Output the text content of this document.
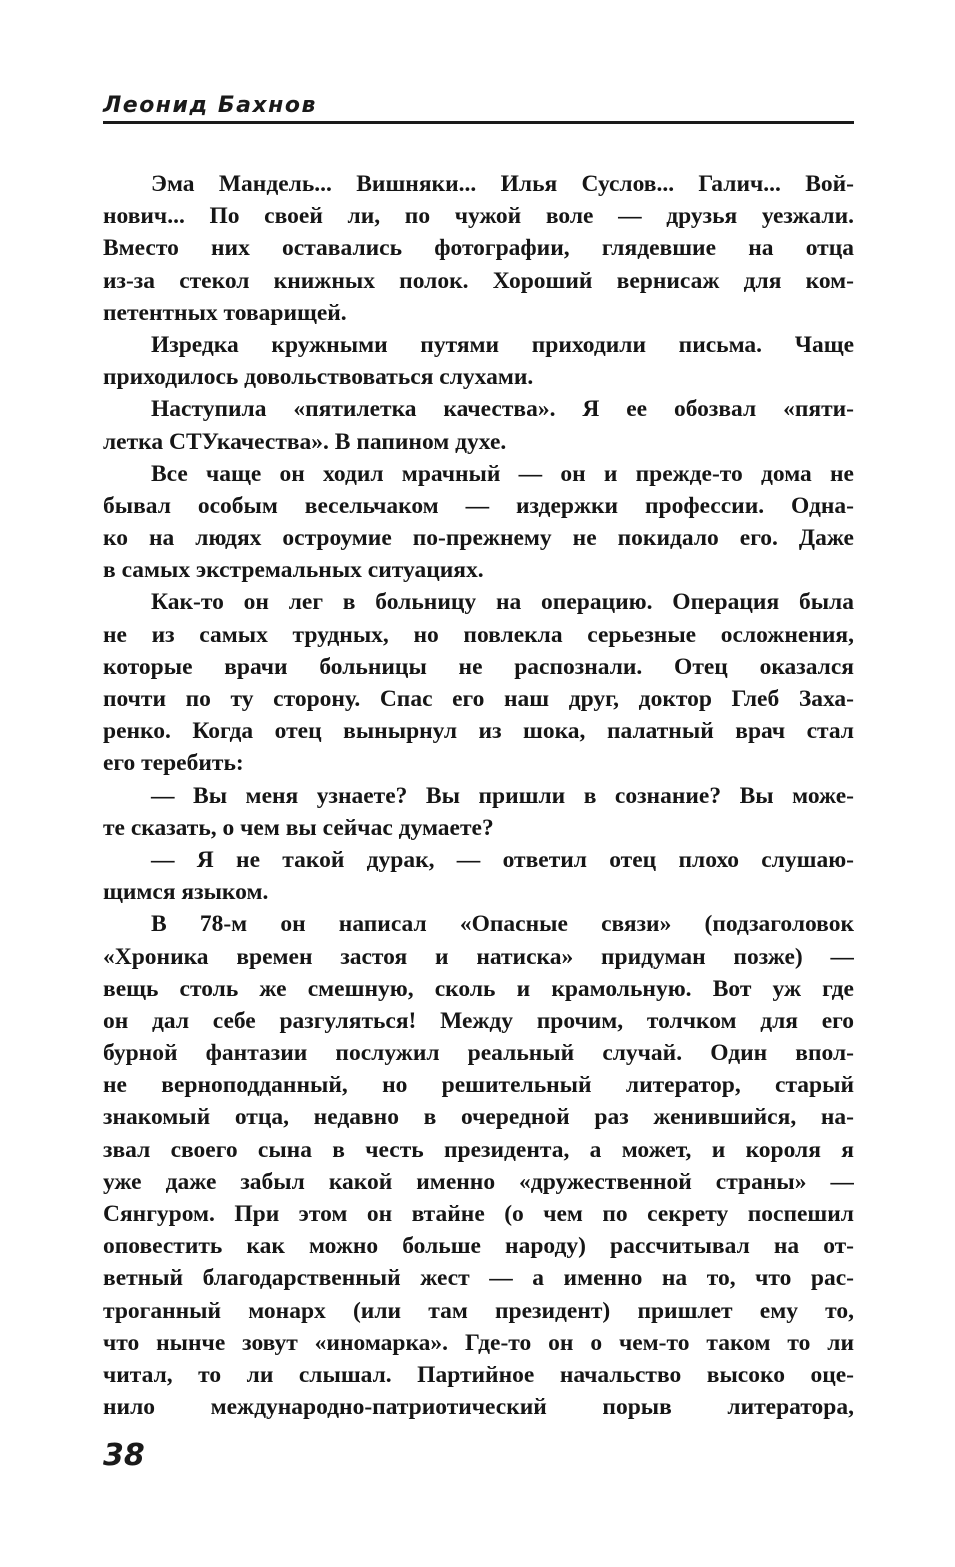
Леонид Бахнов
Эма Мандель... Вишняки... Илья Суслов... Галич... Вой-
нович... По своей ли, по чужой воле — друзья уезжали.
Вместо них оставались фотографии, глядевшие на отца
из-за стекол книжных полок. Хороший вернисаж для ком-
петентных товарищей.
Изредка кружными путями приходили письма. Чаще
приходилось довольствоваться слухами.
Наступила «пятилетка качества». Я ее обозвал «пяти-
летка СТУкачества». В папином духе.
Все чаще он ходил мрачный — он и прежде-то дома не
бывал особым весельчаком — издержки профессии. Одна-
ко на людях остроумие по-прежнему не покидало его. Даже
в самых экстремальных ситуациях.
Как-то он лег в больницу на операцию. Операция была
не из самых трудных, но повлекла серьезные осложнения,
которые врачи больницы не распознали. Отец оказался
почти по ту сторону. Спас его наш друг, доктор Глеб Заха-
ренко. Когда отец вынырнул из шока, палатный врач стал
его теребить:
— Вы меня узнаете? Вы пришли в сознание? Вы може-
те сказать, о чем вы сейчас думаете?
— Я не такой дурак, — ответил отец плохо слушаю-
щимся языком.
В 78-м он написал «Опасные связи» (подзаголовок
«Хроника времен застоя и натиска» придуман позже) —
вещь столь же смешную, сколь и крамольную. Вот уж где
он дал себе разгуляться! Между прочим, толчком для его
бурной фантазии послужил реальный случай. Один впол-
не верноподданный, но решительный литератор, старый
знакомый отца, недавно в очередной раз женившийся, на-
звал своего сына в честь президента, а может, и короля я
уже даже забыл какой именно «дружественной страны» —
Сянгуром. При этом он втайне (о чем по секрету поспешил
оповестить как можно больше народу) рассчитывал на от-
ветный благодарственный жест — а именно на то, что рас-
троганный монарх (или там президент) пришлет ему то,
что нынче зовут «иномарка». Где-то он о чем-то таком то ли
читал, то ли слышал. Партийное начальство высоко оце-
нило международно-патриотический порыв литератора,
38
